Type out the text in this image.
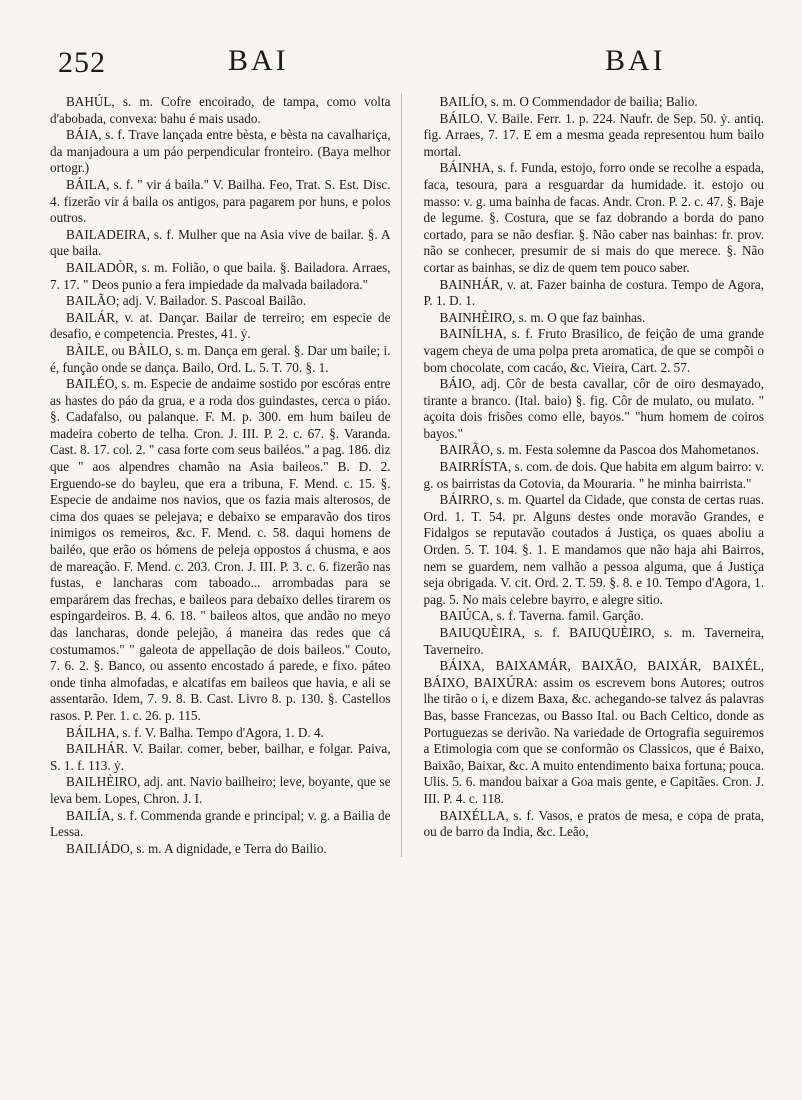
252	BAI	BAI

BAHÚL, s. m. Cofre encoirado, de tampa, como volta d'abobada, convexa: bahu é mais usado.

BÁIA, s. f. Trave lançada entre bèsta, e bèsta na cavalhariça, da manjadoura a um páo perpendicular fronteiro. (Baya melhor ortogr.)

BÁILA, s. f. " vir á baila." V. Bailha. Feo, Trat. S. Est. Disc. 4. fizerão vir á baila os antigos, para pagarem por huns, e polos outros.

BAILADEIRA, s. f. Mulher que na Asia vive de bailar. §. A que baila.

BAILADÒR, s. m. Folião, o que baila. §. Bailadora. Arraes, 7. 17. " Deos punio a fera impiedade da malvada bailadora."

BAILÃO; adj. V. Bailador. S. Pascoal Bailão.

BAILÁR, v. at. Dançar. Bailar de terreiro; em especie de desafio, e competencia. Prestes, 41. ẏ.

BÀILE, ou BÀILO, s. m. Dança em geral. §. Dar um baile; i. é, função onde se dança. Bailo, Ord. L. 5. T. 70. §. 1.

BAILÉO, s. m. Especie de andaime sostido por escóras entre as hastes do páo da grua, e a roda dos guindastes, cerca o piáo. §. Cadafalso, ou palanque. F. M. p. 300. em hum baileu de madeira coberto de telha. Cron. J. III. P. 2. c. 67. §. Varanda. Cast. 8. 17. col. 2. " casa forte com seus bailéos." a pag. 186. diz que " aos alpendres chamão na Asia baileos." B. D. 2. Erguendo-se do bayleu, que era a tribuna, F. Mend. c. 15. §. Especie de andaime nos navios, que os fazia mais alterosos, de cima dos quaes se pelejava; e debaixo se emparavão dos tiros inimigos os remeiros, &c. F. Mend. c. 58. daqui homens de bailéo, que erão os hómens de peleja oppostos á chusma, e aos de mareação. F. Mend. c. 203. Cron. J. III. P. 3. c. 6. fizerão nas fustas, e lancharas com taboado... arrombadas para se emparárem das frechas, e baileos para debaixo delles tirarem os espingardeiros. B. 4. 6. 18. " baileos altos, que andão no meyo das lancharas, donde pelejão, á maneira das redes que cá costumamos." " galeota de appellação de dois baileos." Couto, 7. 6. 2. §. Banco, ou assento encostado á parede, e fixo. páteo onde tinha almofadas, e alcatifas em baileos que havia, e ali se assentarão. Idem, 7. 9. 8. B. Cast. Livro 8. p. 130. §. Castellos rasos. P. Per. 1. c. 26. p. 115.

BÁILHA, s. f. V. Balha. Tempo d'Agora, 1. D. 4.

BAILHÁR. V. Bailar. comer, beber, bailhar, e folgar. Paiva, S. 1. f. 113. ẏ.

BAILHÈIRO, adj. ant. Navio bailheiro; leve, boyante, que se leva bem. Lopes, Chron. J. I.

BAILÍA, s. f. Commenda grande e principal; v. g. a Bailia de Lessa.

BAILIÁDO, s. m. A dignidade, e Terra do Bailio.

BAILÍO, s. m. O Commendador de bailia; Balio.

BÁILO. V. Baile. Ferr. 1. p. 224. Naufr. de Sep. 50. ẏ. antiq. fig. Arraes, 7. 17. E em a mesma geada representou hum bailo mortal.

BÁINHA, s. f. Funda, estojo, forro onde se recolhe a espada, faca, tesoura, para a resguardar da humidade. it. estojo ou masso: v. g. uma bainha de facas. Andr. Cron. P. 2. c. 47. §. Baje de legume. §. Costura, que se faz dobrando a borda do pano cortado, para se não desfiar. §. Não caber nas bainhas: fr. prov. não se conhecer, presumir de si mais do que merece. §. Não cortar as bainhas, se diz de quem tem pouco saber.

BAINHÁR, v. at. Fazer bainha de costura. Tempo de Agora, P. 1. D. 1.

BAINHÈIRO, s. m. O que faz bainhas.

BAINÍLHA, s. f. Fruto Brasilico, de feição de uma grande vagem cheya de uma polpa preta aromatica, de que se compõi o bom chocolate, com cacáo, &c. Vieira, Cart. 2. 57.

BÁIO, adj. Côr de besta cavallar, côr de oiro desmayado, tirante a branco. (Ital. baio) §. fig. Côr de mulato, ou mulato. " açoita dois frisões como elle, bayos." "hum homem de coiros bayos."

BAIRÃO, s. m. Festa solemne da Pascoa dos Mahometanos.

BAIRRÍSTA, s. com. de dois. Que habita em algum bairro: v. g. os bairristas da Cotovia, da Mouraria. " he minha bairrista."

BÁIRRO, s. m. Quartel da Cidade, que consta de certas ruas. Ord. 1. T. 54. pr. Alguns destes onde moravão Grandes, e Fidalgos se reputavão coutados á Justiça, os quaes aboliu a Orden. 5. T. 104. §. 1. E mandamos que não haja ahi Bairros, nem se guardem, nem valhão a pessoa alguma, que á Justiça seja obrigada. V. cit. Ord. 2. T. 59. §. 8. e 10. Tempo d'Agora, 1. pag. 5. No mais celebre bayrro, e alegre sitio.

BAIÚCA, s. f. Taverna. famil. Garção.

BAIUQUÈIRA, s. f. BAIUQUÈIRO, s. m. Taverneira, Taverneiro.

BÁIXA, BAIXAMÁR, BAIXÃO, BAIXÁR, BAIXÉL, BÁIXO, BAIXÚRA: assim os escrevem bons Autores; outros lhe tirão o i, e dizem Baxa, &c. achegando-se talvez ás palavras Bas, basse Francezas, ou Basso Ital. ou Bach Celtico, donde as Portuguezas se derivão. Na variedade de Ortografia seguiremos a Etimologia com que se conformão os Classicos, que é Baixo, Baixão, Baixar, &c. A muito entendimento baixa fortuna; pouca. Ulis. 5. 6. mandou baixar a Goa mais gente, e Capitães. Cron. J. III. P. 4. c. 118.

BAIXÉLLA, s. f. Vasos, e pratos de mesa, e copa de prata, ou de barro da India, &c. Leão,
